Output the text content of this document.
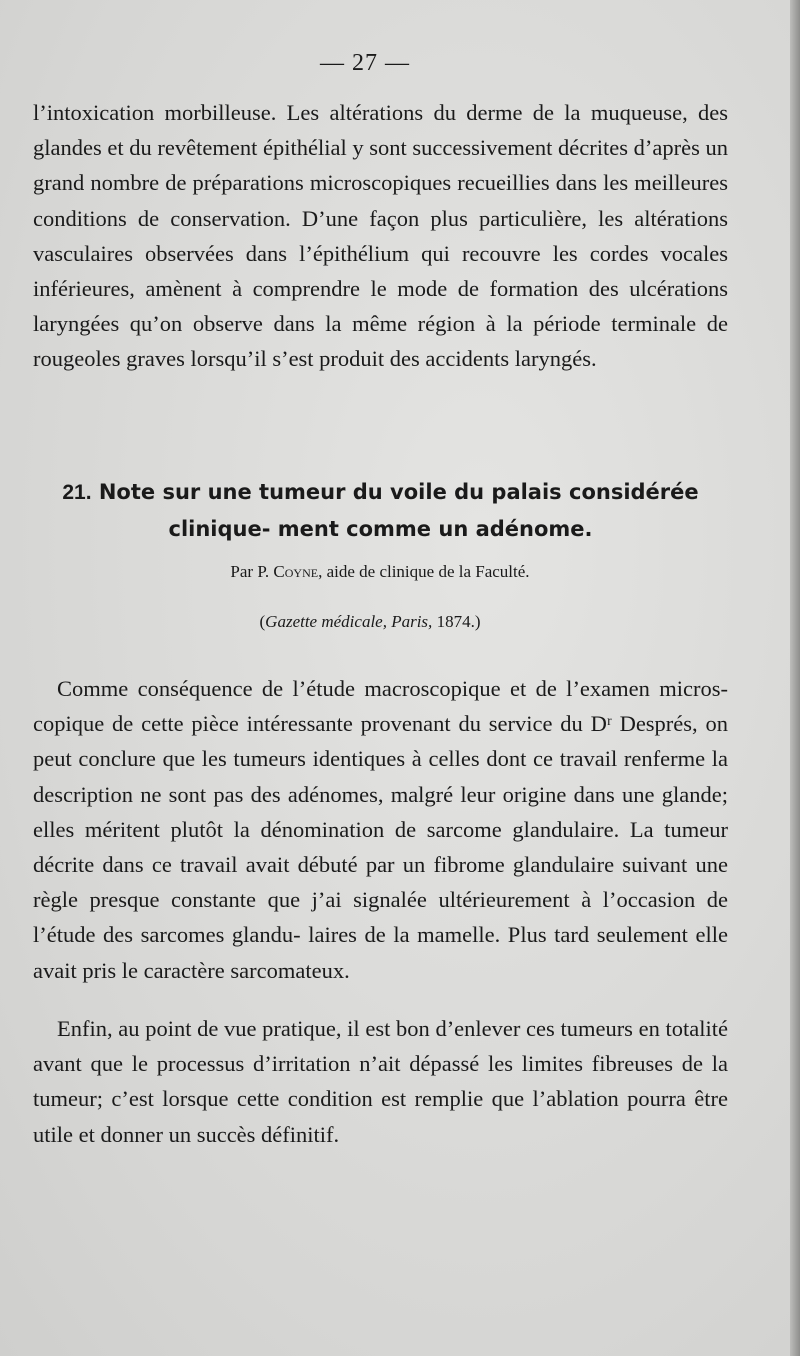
— 27 —

l’intoxication morbilleuse. Les altérations du derme de la muqueuse, des glandes et du revêtement épithélial y sont successivement décrites d’après un grand nombre de préparations microscopiques recueillies dans les meilleures conditions de conservation. D’une façon plus particulière, les altérations vasculaires observées dans l’épithélium qui recouvre les cordes vocales inférieures, amènent à comprendre le mode de formation des ulcérations laryngées qu’on observe dans la même région à la période terminale de rougeoles graves lorsqu’il s’est produit des accidents laryngés.

21. Note sur une tumeur du voile du palais considérée clinique- ment comme un adénome.
Par P. Coyne, aide de clinique de la Faculté.
(Gazette médicale, Paris, 1874.)

Comme conséquence de l’étude macroscopique et de l’examen micros- copique de cette pièce intéressante provenant du service du Dʳ Després, on peut conclure que les tumeurs identiques à celles dont ce travail renferme la description ne sont pas des adénomes, malgré leur origine dans une glande; elles méritent plutôt la dénomination de sarcome glandulaire. La tumeur décrite dans ce travail avait débuté par un fibrome glandulaire suivant une règle presque constante que j’ai signalée ultérieurement à l’occasion de l’étude des sarcomes glandu- laires de la mamelle. Plus tard seulement elle avait pris le caractère sarcomateux.

Enfin, au point de vue pratique, il est bon d’enlever ces tumeurs en totalité avant que le processus d’irritation n’ait dépassé les limites fibreuses de la tumeur; c’est lorsque cette condition est remplie que l’ablation pourra être utile et donner un succès définitif.
